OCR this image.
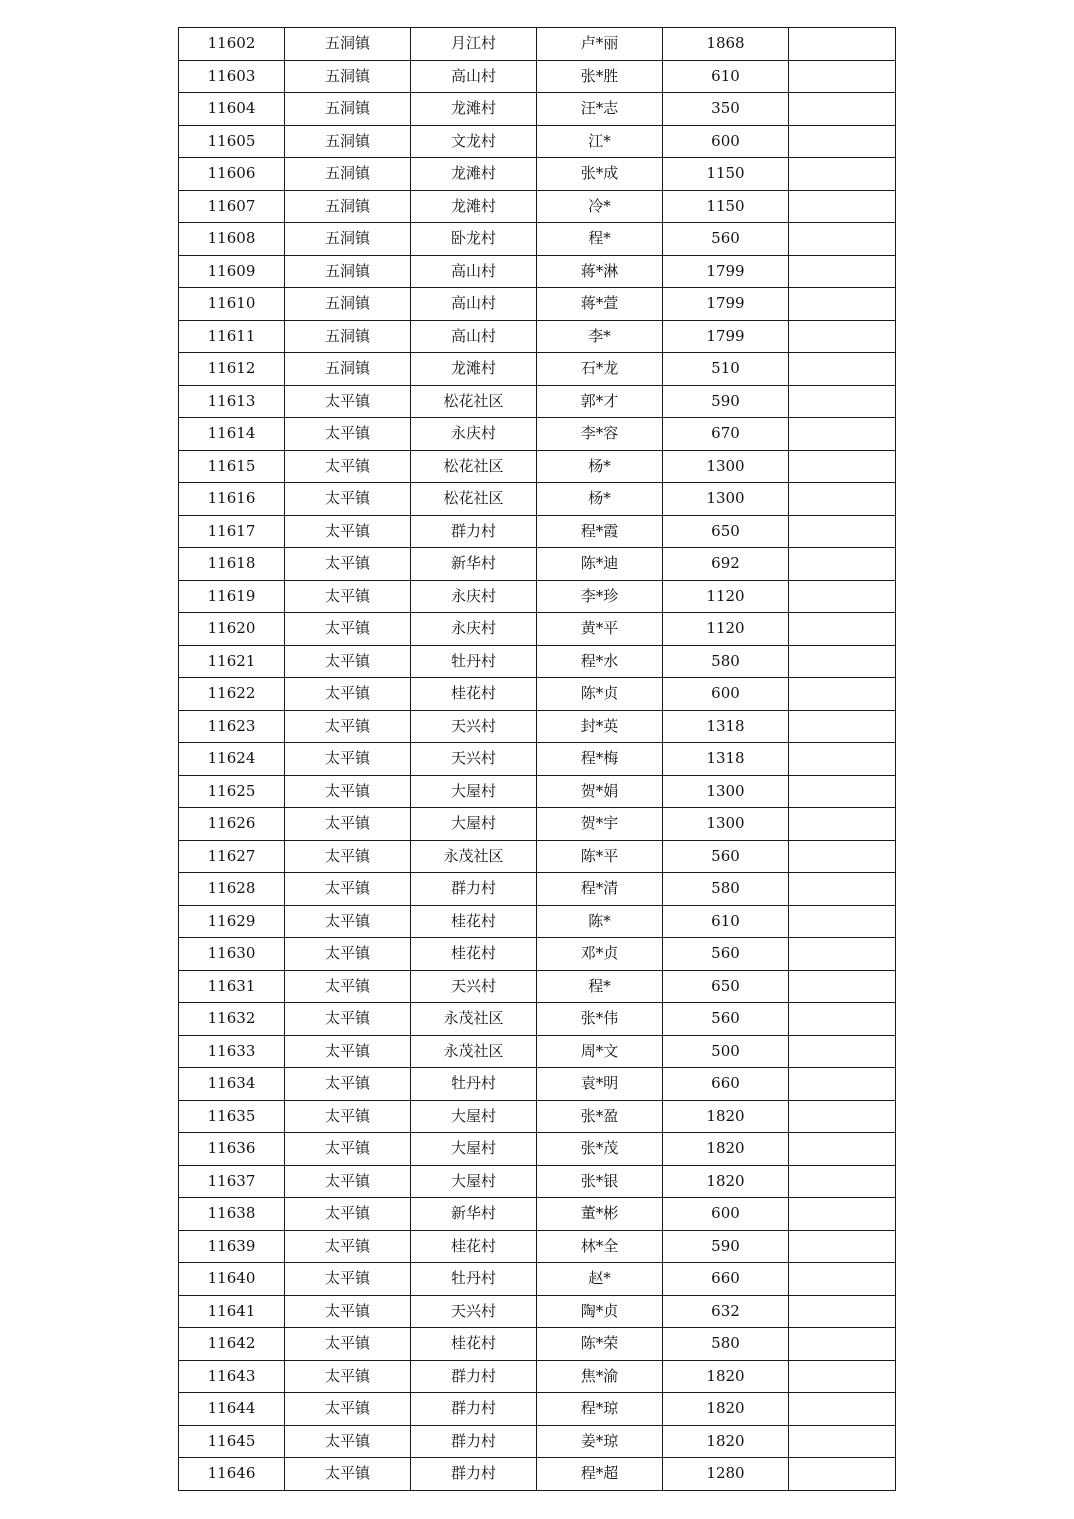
11602	五洞镇	月江村	卢*丽	1868	
11603	五洞镇	高山村	张*胜	610	
11604	五洞镇	龙滩村	汪*志	350	
11605	五洞镇	文龙村	江*	600	
11606	五洞镇	龙滩村	张*成	1150	
11607	五洞镇	龙滩村	冷*	1150	
11608	五洞镇	卧龙村	程*	560	
11609	五洞镇	高山村	蒋*淋	1799	
11610	五洞镇	高山村	蒋*萱	1799	
11611	五洞镇	高山村	李*	1799	
11612	五洞镇	龙滩村	石*龙	510	
11613	太平镇	松花社区	郭*才	590	
11614	太平镇	永庆村	李*容	670	
11615	太平镇	松花社区	杨*	1300	
11616	太平镇	松花社区	杨*	1300	
11617	太平镇	群力村	程*霞	650	
11618	太平镇	新华村	陈*迪	692	
11619	太平镇	永庆村	李*珍	1120	
11620	太平镇	永庆村	黄*平	1120	
11621	太平镇	牡丹村	程*水	580	
11622	太平镇	桂花村	陈*贞	600	
11623	太平镇	天兴村	封*英	1318	
11624	太平镇	天兴村	程*梅	1318	
11625	太平镇	大屋村	贺*娟	1300	
11626	太平镇	大屋村	贺*宇	1300	
11627	太平镇	永茂社区	陈*平	560	
11628	太平镇	群力村	程*清	580	
11629	太平镇	桂花村	陈*	610	
11630	太平镇	桂花村	邓*贞	560	
11631	太平镇	天兴村	程*	650	
11632	太平镇	永茂社区	张*伟	560	
11633	太平镇	永茂社区	周*文	500	
11634	太平镇	牡丹村	袁*明	660	
11635	太平镇	大屋村	张*盈	1820	
11636	太平镇	大屋村	张*茂	1820	
11637	太平镇	大屋村	张*银	1820	
11638	太平镇	新华村	董*彬	600	
11639	太平镇	桂花村	林*全	590	
11640	太平镇	牡丹村	赵*	660	
11641	太平镇	天兴村	陶*贞	632	
11642	太平镇	桂花村	陈*荣	580	
11643	太平镇	群力村	焦*渝	1820	
11644	太平镇	群力村	程*琼	1820	
11645	太平镇	群力村	姜*琼	1820	
11646	太平镇	群力村	程*超	1280	
